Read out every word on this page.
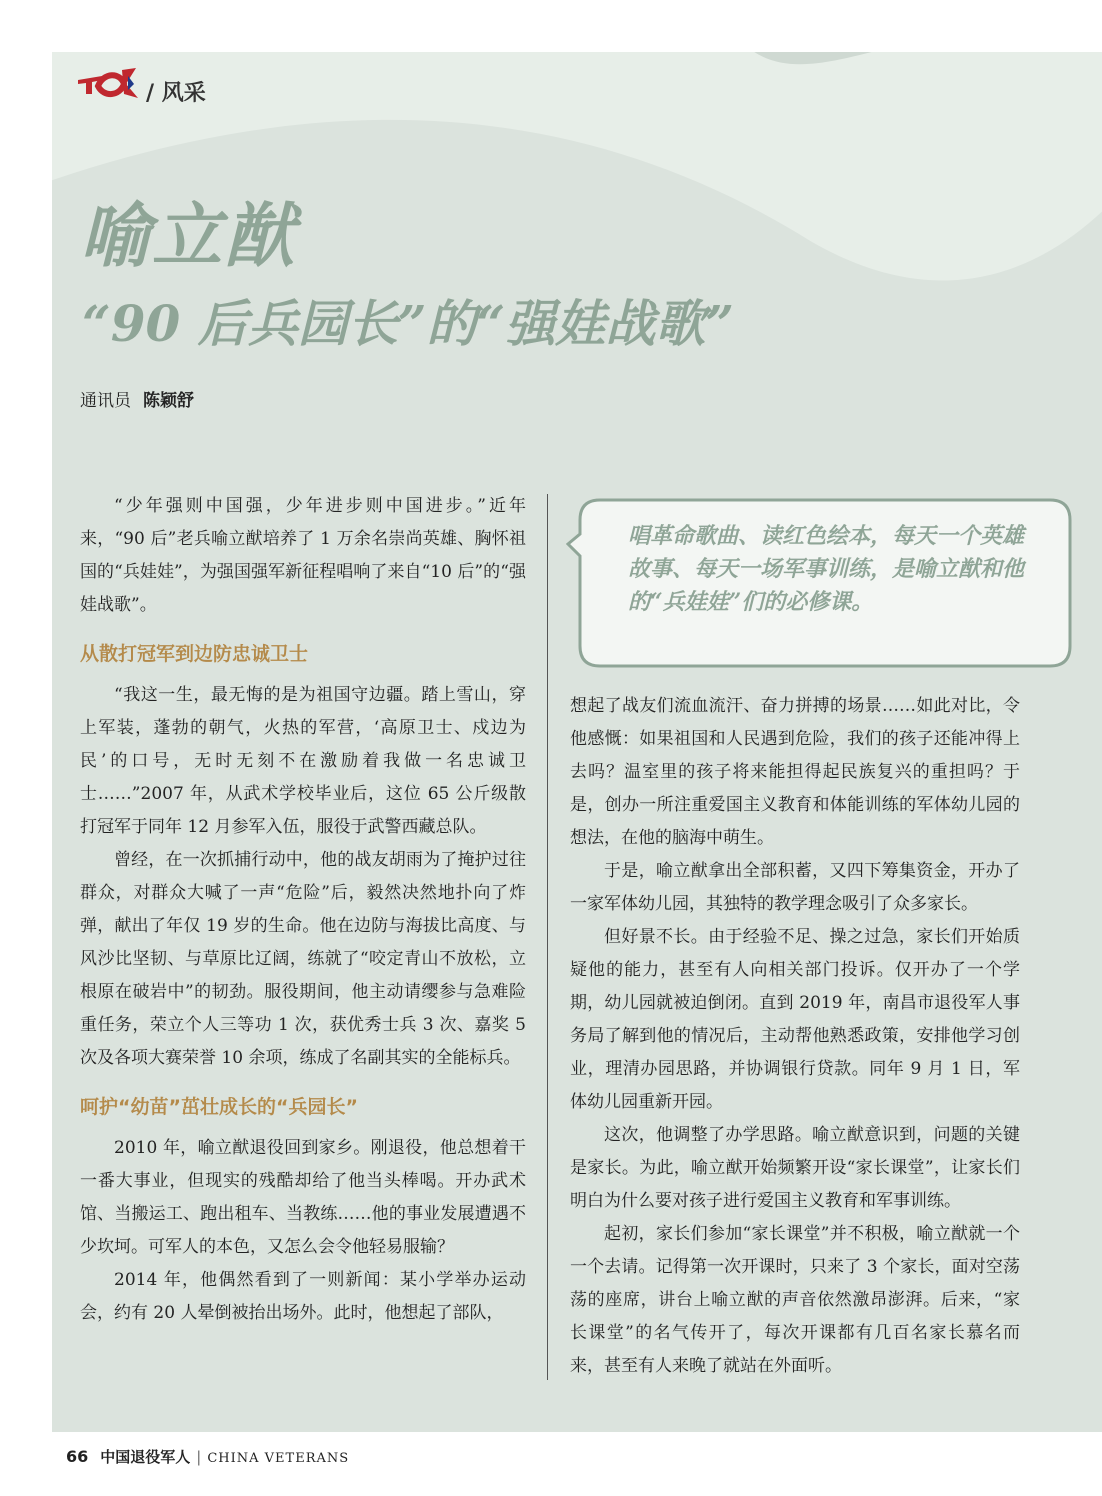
/ 风采
喻立猷
“90 后兵园长”的“强娃战歌”
通讯员 陈颖舒

“少年强则中国强，少年进步则中国进步。”近年来，“90 后”老兵喻立猷培养了 1 万余名崇尚英雄、胸怀祖国的“兵娃娃”，为强国强军新征程唱响了来自“10 后”的“强娃战歌”。

从散打冠军到边防忠诚卫士

“我这一生，最无悔的是为祖国守边疆。踏上雪山，穿上军装，蓬勃的朝气，火热的军营，‘高原卫士、戍边为民’的口号，无时无刻不在激励着我做一名忠诚卫士……”2007 年，从武术学校毕业后，这位 65 公斤级散打冠军于同年 12 月参军入伍，服役于武警西藏总队。

曾经，在一次抓捕行动中，他的战友胡雨为了掩护过往群众，对群众大喊了一声“危险”后，毅然决然地扑向了炸弹，献出了年仅 19 岁的生命。他在边防与海拔比高度、与风沙比坚韧、与草原比辽阔，练就了“咬定青山不放松，立根原在破岩中”的韧劲。服役期间，他主动请缨参与急难险重任务，荣立个人三等功 1 次，获优秀士兵 3 次、嘉奖 5 次及各项大赛荣誉 10 余项，练成了名副其实的全能标兵。

呵护“幼苗”茁壮成长的“兵园长”

2010 年，喻立猷退役回到家乡。刚退役，他总想着干一番大事业，但现实的残酷却给了他当头棒喝。开办武术馆、当搬运工、跑出租车、当教练……他的事业发展遭遇不少坎坷。可军人的本色，又怎么会令他轻易服输？

2014 年，他偶然看到了一则新闻：某小学举办运动会，约有 20 人晕倒被抬出场外。此时，他想起了部队，

唱革命歌曲、读红色绘本，每天一个英雄故事、每天一场军事训练，是喻立猷和他的“兵娃娃”们的必修课。

想起了战友们流血流汗、奋力拼搏的场景……如此对比，令他感慨：如果祖国和人民遇到危险，我们的孩子还能冲得上去吗？温室里的孩子将来能担得起民族复兴的重担吗？于是，创办一所注重爱国主义教育和体能训练的军体幼儿园的想法，在他的脑海中萌生。

于是，喻立猷拿出全部积蓄，又四下筹集资金，开办了一家军体幼儿园，其独特的教学理念吸引了众多家长。

但好景不长。由于经验不足、操之过急，家长们开始质疑他的能力，甚至有人向相关部门投诉。仅开办了一个学期，幼儿园就被迫倒闭。直到 2019 年，南昌市退役军人事务局了解到他的情况后，主动帮他熟悉政策，安排他学习创业，理清办园思路，并协调银行贷款。同年 9 月 1 日，军体幼儿园重新开园。

这次，他调整了办学思路。喻立猷意识到，问题的关键是家长。为此，喻立猷开始频繁开设“家长课堂”，让家长们明白为什么要对孩子进行爱国主义教育和军事训练。

起初，家长们参加“家长课堂”并不积极，喻立猷就一个一个去请。记得第一次开课时，只来了 3 个家长，面对空荡荡的座席，讲台上喻立猷的声音依然激昂澎湃。后来，“家长课堂”的名气传开了，每次开课都有几百名家长慕名而来，甚至有人来晚了就站在外面听。

66 中国退役军人 | CHINA VETERANS
